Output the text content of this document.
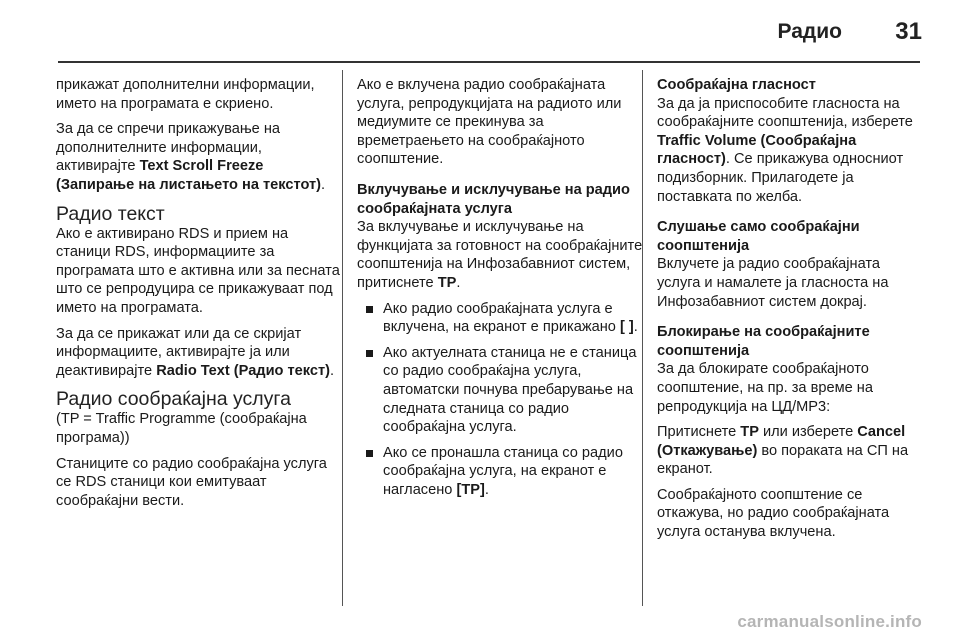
Радио 31

прикажат дополнителни информации, името на програмата е скриено.

За да се спречи прикажувањe на дополнителните информации, активирајте Text Scroll Freeze (Запирање на листањето на текстот).

Радио текст

Ако е активирано RDS и прием на станици RDS, информациите за програмата што е активна или за песната што се репродуцира се прикажуваат под името на програмата.

За да се прикажат или да се скријат информациите, активирајте ја или деактивирајте Radio Text (Радио текст).

Радио сообраќајна услуга

(TP = Traffic Programme (сообраќајна програма))

Станиците со радио сообраќајна услуга се RDS станици кои емитуваат сообраќајни вести.

Ако е вклучена радио сообраќајната услуга, репродукцијата на радиото или медиумите се прекинува за времетраењето на сообраќајното соопштение.

Вклучување и исклучување на радио сообраќајната услуга

За вклучување и исклучување на функцијата за готовност на сообраќајните соопштенија на Инфозабавниот систем, притиснете TP.

Ако радио сообраќајната услуга е вклучена, на екранот е прикажано [ ].
Ако актуелната станица не е станица со радио сообраќајна услуга, автоматски почнува пребарување на следната станица со радио сообраќајна услуга.
Ако се пронашла станица со радио сообраќајна услуга, на екранот е нагласено [TP].
Сообраќајна гласност

За да ја приспособите гласноста на сообраќајните соопштенија, изберете Traffic Volume (Сообраќајна гласност). Се прикажува односниот подизборник. Прилагодете ја поставката по желба.

Слушање само сообраќајни соопштенија

Вклучете ја радио сообраќајната услуга и намалете ја гласноста на Инфозабавниот систем докрај.

Блокирање на сообраќајните соопштенија

За да блокирате сообраќајното соопштение, на пр. за време на репродукција на ЦД/MP3:

Притиснете TP или изберете Cancel (Откажување) во пораката на СП на екранот.

Сообраќајното соопштение се откажува, но радио сообраќајната услуга останува вклучена.

carmanualsonline.info
